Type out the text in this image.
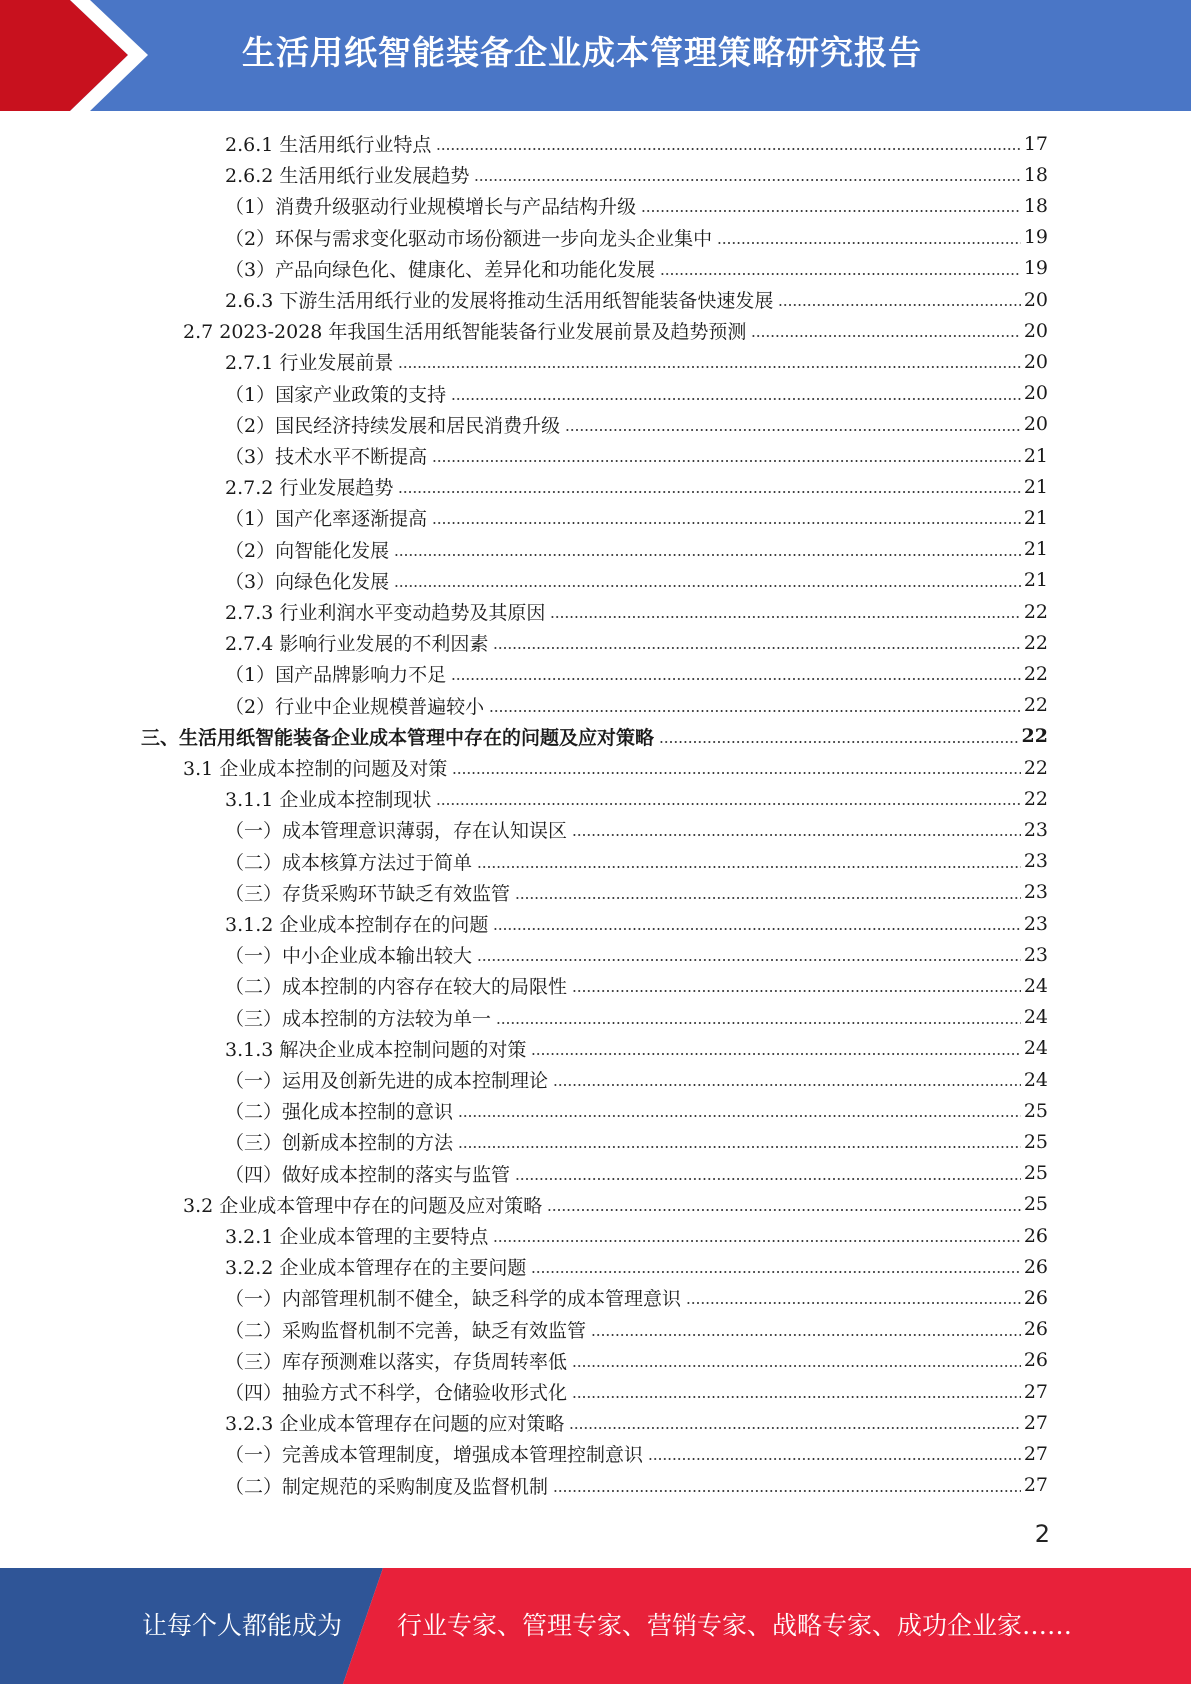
生活用纸智能装备企业成本管理策略研究报告
2.6.1 生活用纸行业特点	17
2.6.2 生活用纸行业发展趋势	18
（1）消费升级驱动行业规模增长与产品结构升级	18
（2）环保与需求变化驱动市场份额进一步向龙头企业集中	19
（3）产品向绿色化、健康化、差异化和功能化发展	19
2.6.3 下游生活用纸行业的发展将推动生活用纸智能装备快速发展	20
2.7 2023-2028 年我国生活用纸智能装备行业发展前景及趋势预测	20
2.7.1 行业发展前景	20
（1）国家产业政策的支持	20
（2）国民经济持续发展和居民消费升级	20
（3）技术水平不断提高	21
2.7.2 行业发展趋势	21
（1）国产化率逐渐提高	21
（2）向智能化发展	21
（3）向绿色化发展	21
2.7.3 行业利润水平变动趋势及其原因	22
2.7.4 影响行业发展的不利因素	22
（1）国产品牌影响力不足	22
（2）行业中企业规模普遍较小	22
三、生活用纸智能装备企业成本管理中存在的问题及应对策略	22
3.1 企业成本控制的问题及对策	22
3.1.1 企业成本控制现状	22
（一）成本管理意识薄弱，存在认知误区	23
（二）成本核算方法过于简单	23
（三）存货采购环节缺乏有效监管	23
3.1.2 企业成本控制存在的问题	23
（一）中小企业成本输出较大	23
（二）成本控制的内容存在较大的局限性	24
（三）成本控制的方法较为单一	24
3.1.3 解决企业成本控制问题的对策	24
（一）运用及创新先进的成本控制理论	24
（二）强化成本控制的意识	25
（三）创新成本控制的方法	25
（四）做好成本控制的落实与监管	25
3.2 企业成本管理中存在的问题及应对策略	25
3.2.1 企业成本管理的主要特点	26
3.2.2 企业成本管理存在的主要问题	26
（一）内部管理机制不健全，缺乏科学的成本管理意识	26
（二）采购监督机制不完善，缺乏有效监管	26
（三）库存预测难以落实，存货周转率低	26
（四）抽验方式不科学，仓储验收形式化	27
3.2.3 企业成本管理存在问题的应对策略	27
（一）完善成本管理制度，增强成本管理控制意识	27
（二）制定规范的采购制度及监督机制	27
2
让每个人都能成为 行业专家、管理专家、营销专家、战略专家、成功企业家……
